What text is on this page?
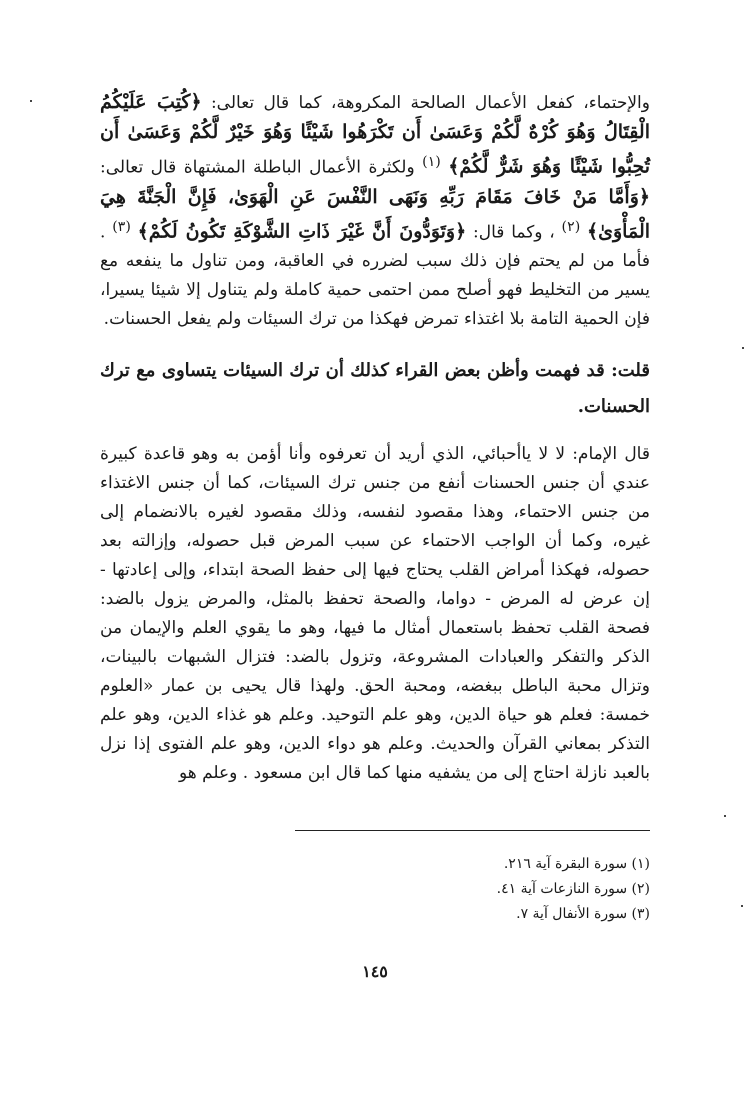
والإحتماء، كفعل الأعمال الصالحة المكروهة، كما قال تعالى: ﴿كُتِبَ عَلَيْكُمُ الْقِتَالُ وَهُوَ كُرْهٌ لَّكُمْ وَعَسَىٰ أَن تَكْرَهُوا شَيْئًا وَهُوَ خَيْرٌ لَّكُمْ وَعَسَىٰ أَن تُحِبُّوا شَيْئًا وَهُوَ شَرٌّ لَّكُمْ﴾ $^{(١)}$ ولكثرة الأعمال الباطلة المشتهاة قال تعالى: ﴿وَأَمَّا مَنْ خَافَ مَقَامَ رَبِّهِ وَنَهَى النَّفْسَ عَنِ الْهَوَىٰ، فَإِنَّ الْجَنَّةَ هِيَ الْمَأْوَىٰ﴾ $^{(٢)}$ ، وكما قال: ﴿وَتَوَدُّونَ أَنَّ غَيْرَ ذَاتِ الشَّوْكَةِ تَكُونُ لَكُمْ﴾ $^{(٣)}$ . فأما من لم يحتم فإن ذلك سبب لضرره في العاقبة، ومن تناول ما ينفعه مع يسير من التخليط فهو أصلح ممن احتمى حمية كاملة ولم يتناول إلا شيئا يسيرا، فإن الحمية التامة بلا اغتذاء تمرض فهكذا من ترك السيئات ولم يفعل الحسنات.
قلت: قد فهمت وأظن بعض القراء كذلك أن ترك السيئات يتساوى مع ترك الحسنات.
قال الإمام: لا لا ياأحبائي، الذي أريد أن تعرفوه وأنا أؤمن به وهو قاعدة كبيرة عندي أن جنس الحسنات أنفع من جنس ترك السيئات، كما أن جنس الاغتذاء من جنس الاحتماء، وهذا مقصود لنفسه، وذلك مقصود لغيره بالانضمام إلى غيره، وكما أن الواجب الاحتماء عن سبب المرض قبل حصوله، وإزالته بعد حصوله، فهكذا أمراض القلب يحتاج فيها إلى حفظ الصحة ابتداء، وإلى إعادتها - إن عرض له المرض - دواما، والصحة تحفظ بالمثل، والمرض يزول بالضد: فصحة القلب تحفظ باستعمال أمثال ما فيها، وهو ما يقوي العلم والإيمان من الذكر والتفكر والعبادات المشروعة، وتزول بالضد: فتزال الشبهات بالبينات، وتزال محبة الباطل ببغضه، ومحبة الحق. ولهذا قال يحيى بن عمار «العلوم خمسة: فعلم هو حياة الدين، وهو علم التوحيد. وعلم هو غذاء الدين، وهو علم التذكر بمعاني القرآن والحديث. وعلم هو دواء الدين، وهو علم الفتوى إذا نزل بالعبد نازلة احتاج إلى من يشفيه منها كما قال ابن مسعود . وعلم هو
(١) سورة البقرة آية ٢١٦.
(٢) سورة النازعات آية ٤١.
(٣) سورة الأنفال آية ٧.
١٤٥
